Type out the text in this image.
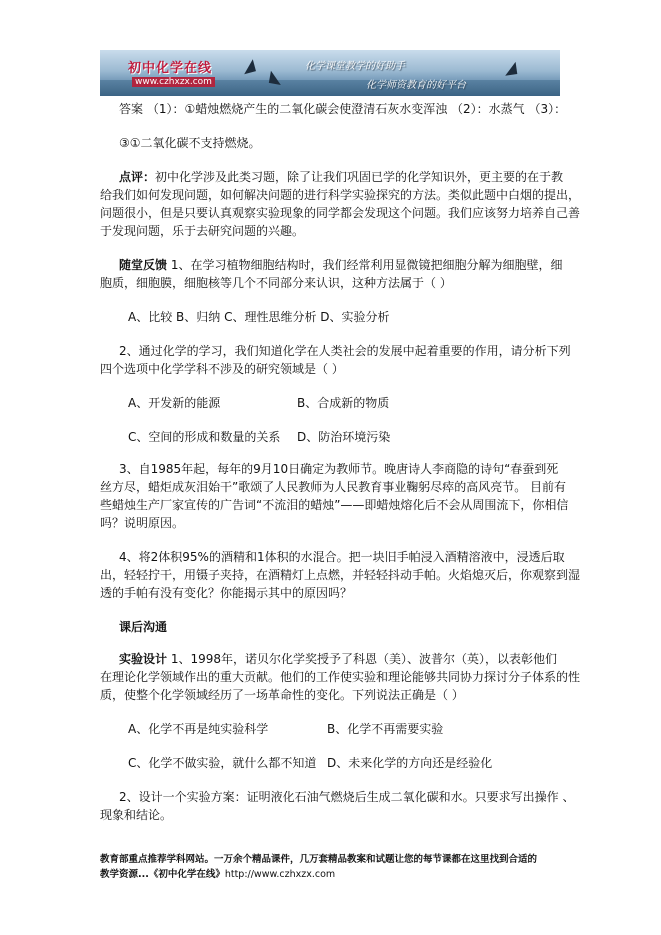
初中化学在线
www.czhxzx.com
◢
◣	◢
化学课堂教学的好助手
化学师资教育的好平台
答案 （1）：①蜡烛燃烧产生的二氧化碳会使澄清石灰水变浑浊 （2）：水蒸气 （3）：
③①二氧化碳不支持燃烧。
点评：初中化学涉及此类习题，除了让我们巩固已学的化学知识外，更主要的在于教
给我们如何发现问题，如何解决问题的进行科学实验探究的方法。类似此题中白烟的提出，
问题很小，但是只要认真观察实验现象的同学都会发现这个问题。我们应该努力培养自己善
于发现问题，乐于去研究问题的兴趣。
随堂反馈 1、在学习植物细胞结构时，我们经常利用显微镜把细胞分解为细胞壁，细
胞质，细胞膜，细胞核等几个不同部分来认识，这种方法属于（ ）
A、比较 B、归纳 C、理性思维分析 D、实验分析
2、通过化学的学习，我们知道化学在人类社会的发展中起着重要的作用，请分析下列
四个选项中化学学科不涉及的研究领域是（ ）
A、开发新的能源	B、合成新的物质
C、空间的形成和数量的关系	D、防治环境污染
3、自1985年起，每年的9月10日确定为教师节。晚唐诗人李商隐的诗句“春蚕到死
丝方尽，蜡炬成灰泪始干”歌颂了人民教师为人民教育事业鞠躬尽瘁的高风亮节。 目前有
些蜡烛生产厂家宣传的广告词“不流泪的蜡烛”——即蜡烛熔化后不会从周围流下，你相信
吗？说明原因。
4、将2体积95%的酒精和1体积的水混合。把一块旧手帕浸入酒精溶液中，浸透后取
出，轻轻拧干，用镊子夹持，在酒精灯上点燃，并轻轻抖动手帕。火焰熄灭后，你观察到湿
透的手帕有没有变化？你能揭示其中的原因吗？
课后沟通
实验设计 1、1998年，诺贝尔化学奖授予了科恩（美）、波普尔（英），以表彰他们
在理论化学领域作出的重大贡献。他们的工作使实验和理论能够共同协力探讨分子体系的性
质，使整个化学领域经历了一场革命性的变化。下列说法正确是（ ）
A、化学不再是纯实验科学	B、化学不再需要实验
C、化学不做实验，就什么都不知道 D、未来化学的方向还是经验化
2、设计一个实验方案：证明液化石油气燃烧后生成二氧化碳和水。只要求写出操作 、
现象和结论。
教育部重点推荐学科网站。一万余个精品课件，几万套精品教案和试题让您的每节课都在这里找到合适的
教学资源...《初中化学在线》http://www.czhxzx.com
